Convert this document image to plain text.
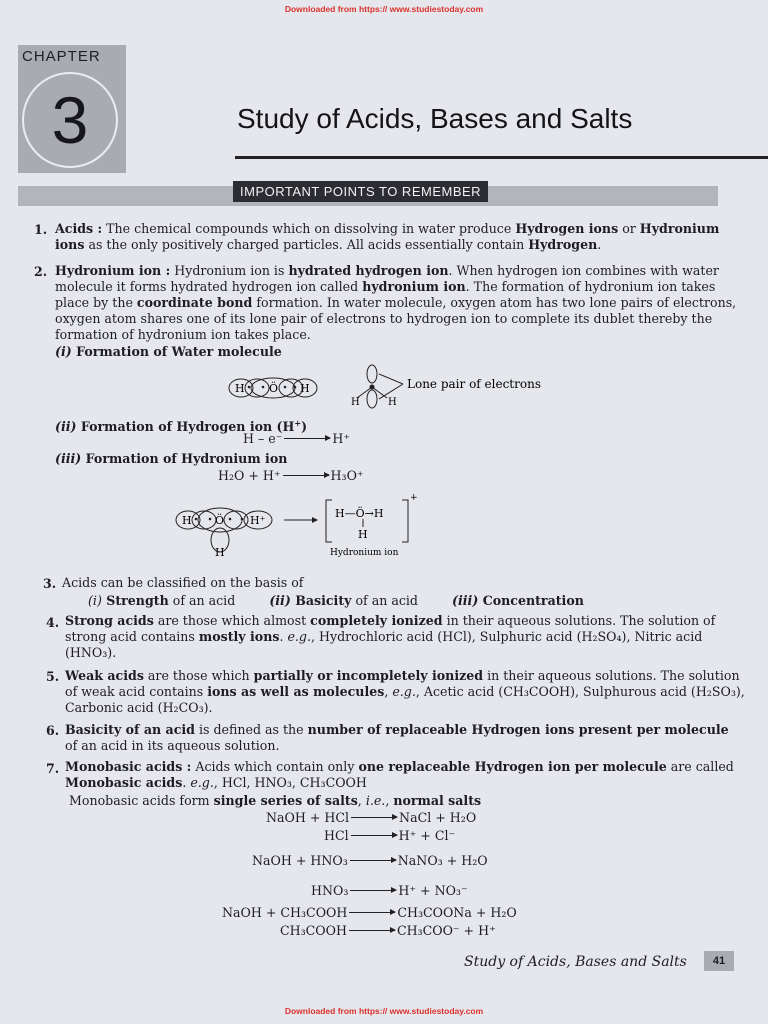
Downloaded from https:// www.studiestoday.com
CHAPTER
3	Study of Acids, Bases and Salts
IMPORTANT POINTS TO REMEMBER
1. Acids : The chemical compounds which on dissolving in water produce Hydrogen ions or Hydronium
ions as the only positively charged particles. All acids essentially contain Hydrogen.
2. Hydronium ion : Hydronium ion is hydrated hydrogen ion. When hydrogen ion combines with water
molecule it forms hydrated hydrogen ion called hydronium ion. The formation of hydronium ion takes
place by the coordinate bond formation. In water molecule, oxygen atom has two lone pairs of electrons,
oxygen atom shares one of its lone pair of electrons to hydrogen ion to complete its dublet thereby the
formation of hydronium ion takes place.
(i) Formation of Water molecule
H Ö H
H	H
Lone pair of electrons
(ii) Formation of Hydrogen ion (H+)
H – e⁻	H⁺
(iii) Formation of Hydronium ion
H₂O + H⁺	H₃O⁺
H Ö H⁺
H
H—Ö→H
H
+
Hydronium ion
3. Acids can be classified on the basis of
(i) Strength of an acid	(ii) Basicity of an acid	(iii) Concentration
4. Strong acids are those which almost completely ionized in their aqueous solutions. The solution of
strong acid contains mostly ions. e.g., Hydrochloric acid (HCl), Sulphuric acid (H₂SO₄), Nitric acid
(HNO₃).
5. Weak acids are those which partially or incompletely ionized in their aqueous solutions. The solution
of weak acid contains ions as well as molecules, e.g., Acetic acid (CH₃COOH), Sulphurous acid (H₂SO₃),
Carbonic acid (H₂CO₃).
6. Basicity of an acid is defined as the number of replaceable Hydrogen ions present per molecule
of an acid in its aqueous solution.
7. Monobasic acids : Acids which contain only one replaceable Hydrogen ion per molecule are called
Monobasic acids. e.g., HCl, HNO₃, CH₃COOH
Monobasic acids form single series of salts, i.e., normal salts
NaOH + HCl	NaCl + H₂O
HCl	H⁺ + Cl⁻
NaOH + HNO₃	NaNO₃ + H₂O
HNO₃	H⁺ + NO₃⁻
NaOH + CH₃COOH	CH₃COONa + H₂O
CH₃COOH	CH₃COO⁻ + H⁺
Study of Acids, Bases and Salts	41
Downloaded from https:// www.studiestoday.com
